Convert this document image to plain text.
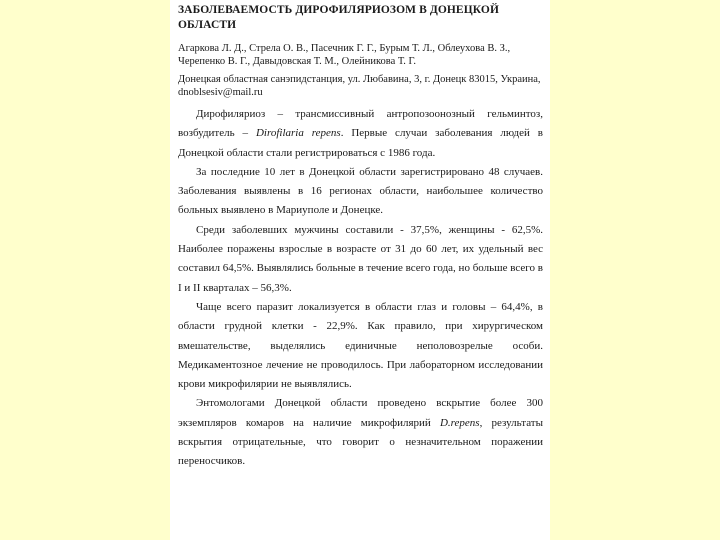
ЗАБОЛЕВАЕМОСТЬ ДИРОФИЛЯРИОЗОМ В ДОНЕЦКОЙ ОБЛАСТИ
Агаркова Л. Д., Стрела О. В., Пасечник Г. Г., Бурым Т. Л., Облеухова В. З., Черепенко В. Г., Давыдовская Т. М., Олейникова Т. Г.
Донецкая областная санэпидстанция, ул. Любавина, 3, г. Донецк 83015, Украина, dnoblsesiv@mail.ru

Дирофиляриоз – трансмиссивный антропозоонозный гельминтоз, возбудитель – Dirofilaria repens. Первые случаи заболевания людей в Донецкой области стали регистрироваться с 1986 года.

За последние 10 лет в Донецкой области зарегистрировано 48 случаев. Заболевания выявлены в 16 регионах области, наибольшее количество больных выявлено в Мариуполе и Донецке.

Среди заболевших мужчины составили - 37,5%, женщины - 62,5%. Наиболее поражены взрослые в возрасте от 31 до 60 лет, их удельный вес составил 64,5%. Выявлялись больные в течение всего года, но больше всего в I и II кварталах – 56,3%.

Чаще всего паразит локализуется в области глаз и головы – 64,4%, в области грудной клетки - 22,9%. Как правило, при хирургическом вмешательстве, выделялись единичные неполовозрелые особи. Медикаментозное лечение не проводилось. При лабораторном исследовании крови микрофилярии не выявлялись.

Энтомологами Донецкой области проведено вскрытие более 300 экземпляров комаров на наличие микрофилярий D.repens, результаты вскрытия отрицательные, что говорит о незначительном поражении переносчиков.
